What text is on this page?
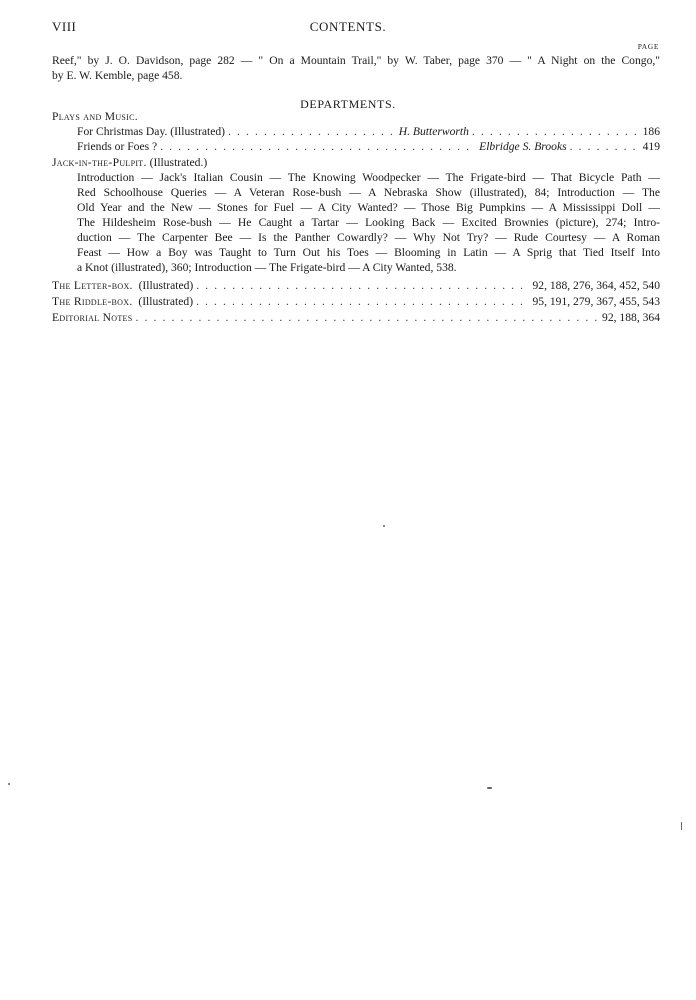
VIII	CONTENTS.
PAGE
Reef," by J. O. Davidson, page 282 — " On a Mountain Trail," by W. Taber, page 370 — " A Night on the Congo,"
by E. W. Kemble, page 458.
DEPARTMENTS.
Plays and Music.
For Christmas Day. (Illustrated) . . .	H. Butterworth . . .	186
Friends or Foes ? . . .	Elbridge S. Brooks . . .	419
Jack-in-the-Pulpit. (Illustrated.)
Introduction — Jack's Italian Cousin — The Knowing Woodpecker — The Frigate-bird — That Bicycle Path —
Red Schoolhouse Queries — A Veteran Rose-bush — A Nebraska Show (illustrated), 84; Introduction — The
Old Year and the New — Stones for Fuel — A City Wanted? — Those Big Pumpkins — A Mississippi Doll —
The Hildesheim Rose-bush — He Caught a Tartar — Looking Back — Excited Brownies (picture), 274; Intro-
duction — The Carpenter Bee — Is the Panther Cowardly? — Why Not Try? — Rude Courtesy — A Roman
Feast — How a Boy was Taught to Turn Out his Toes — Blooming in Latin — A Sprig that Tied Itself Into
a Knot (illustrated), 360; Introduction — The Frigate-bird — A City Wanted, 538.
The Letter-box. (Illustrated) . . .	92, 188, 276, 364, 452, 540
The Riddle-box. (Illustrated) . . .	95, 191, 279, 367, 455, 543
Editorial Notes . . .	92, 188, 364
